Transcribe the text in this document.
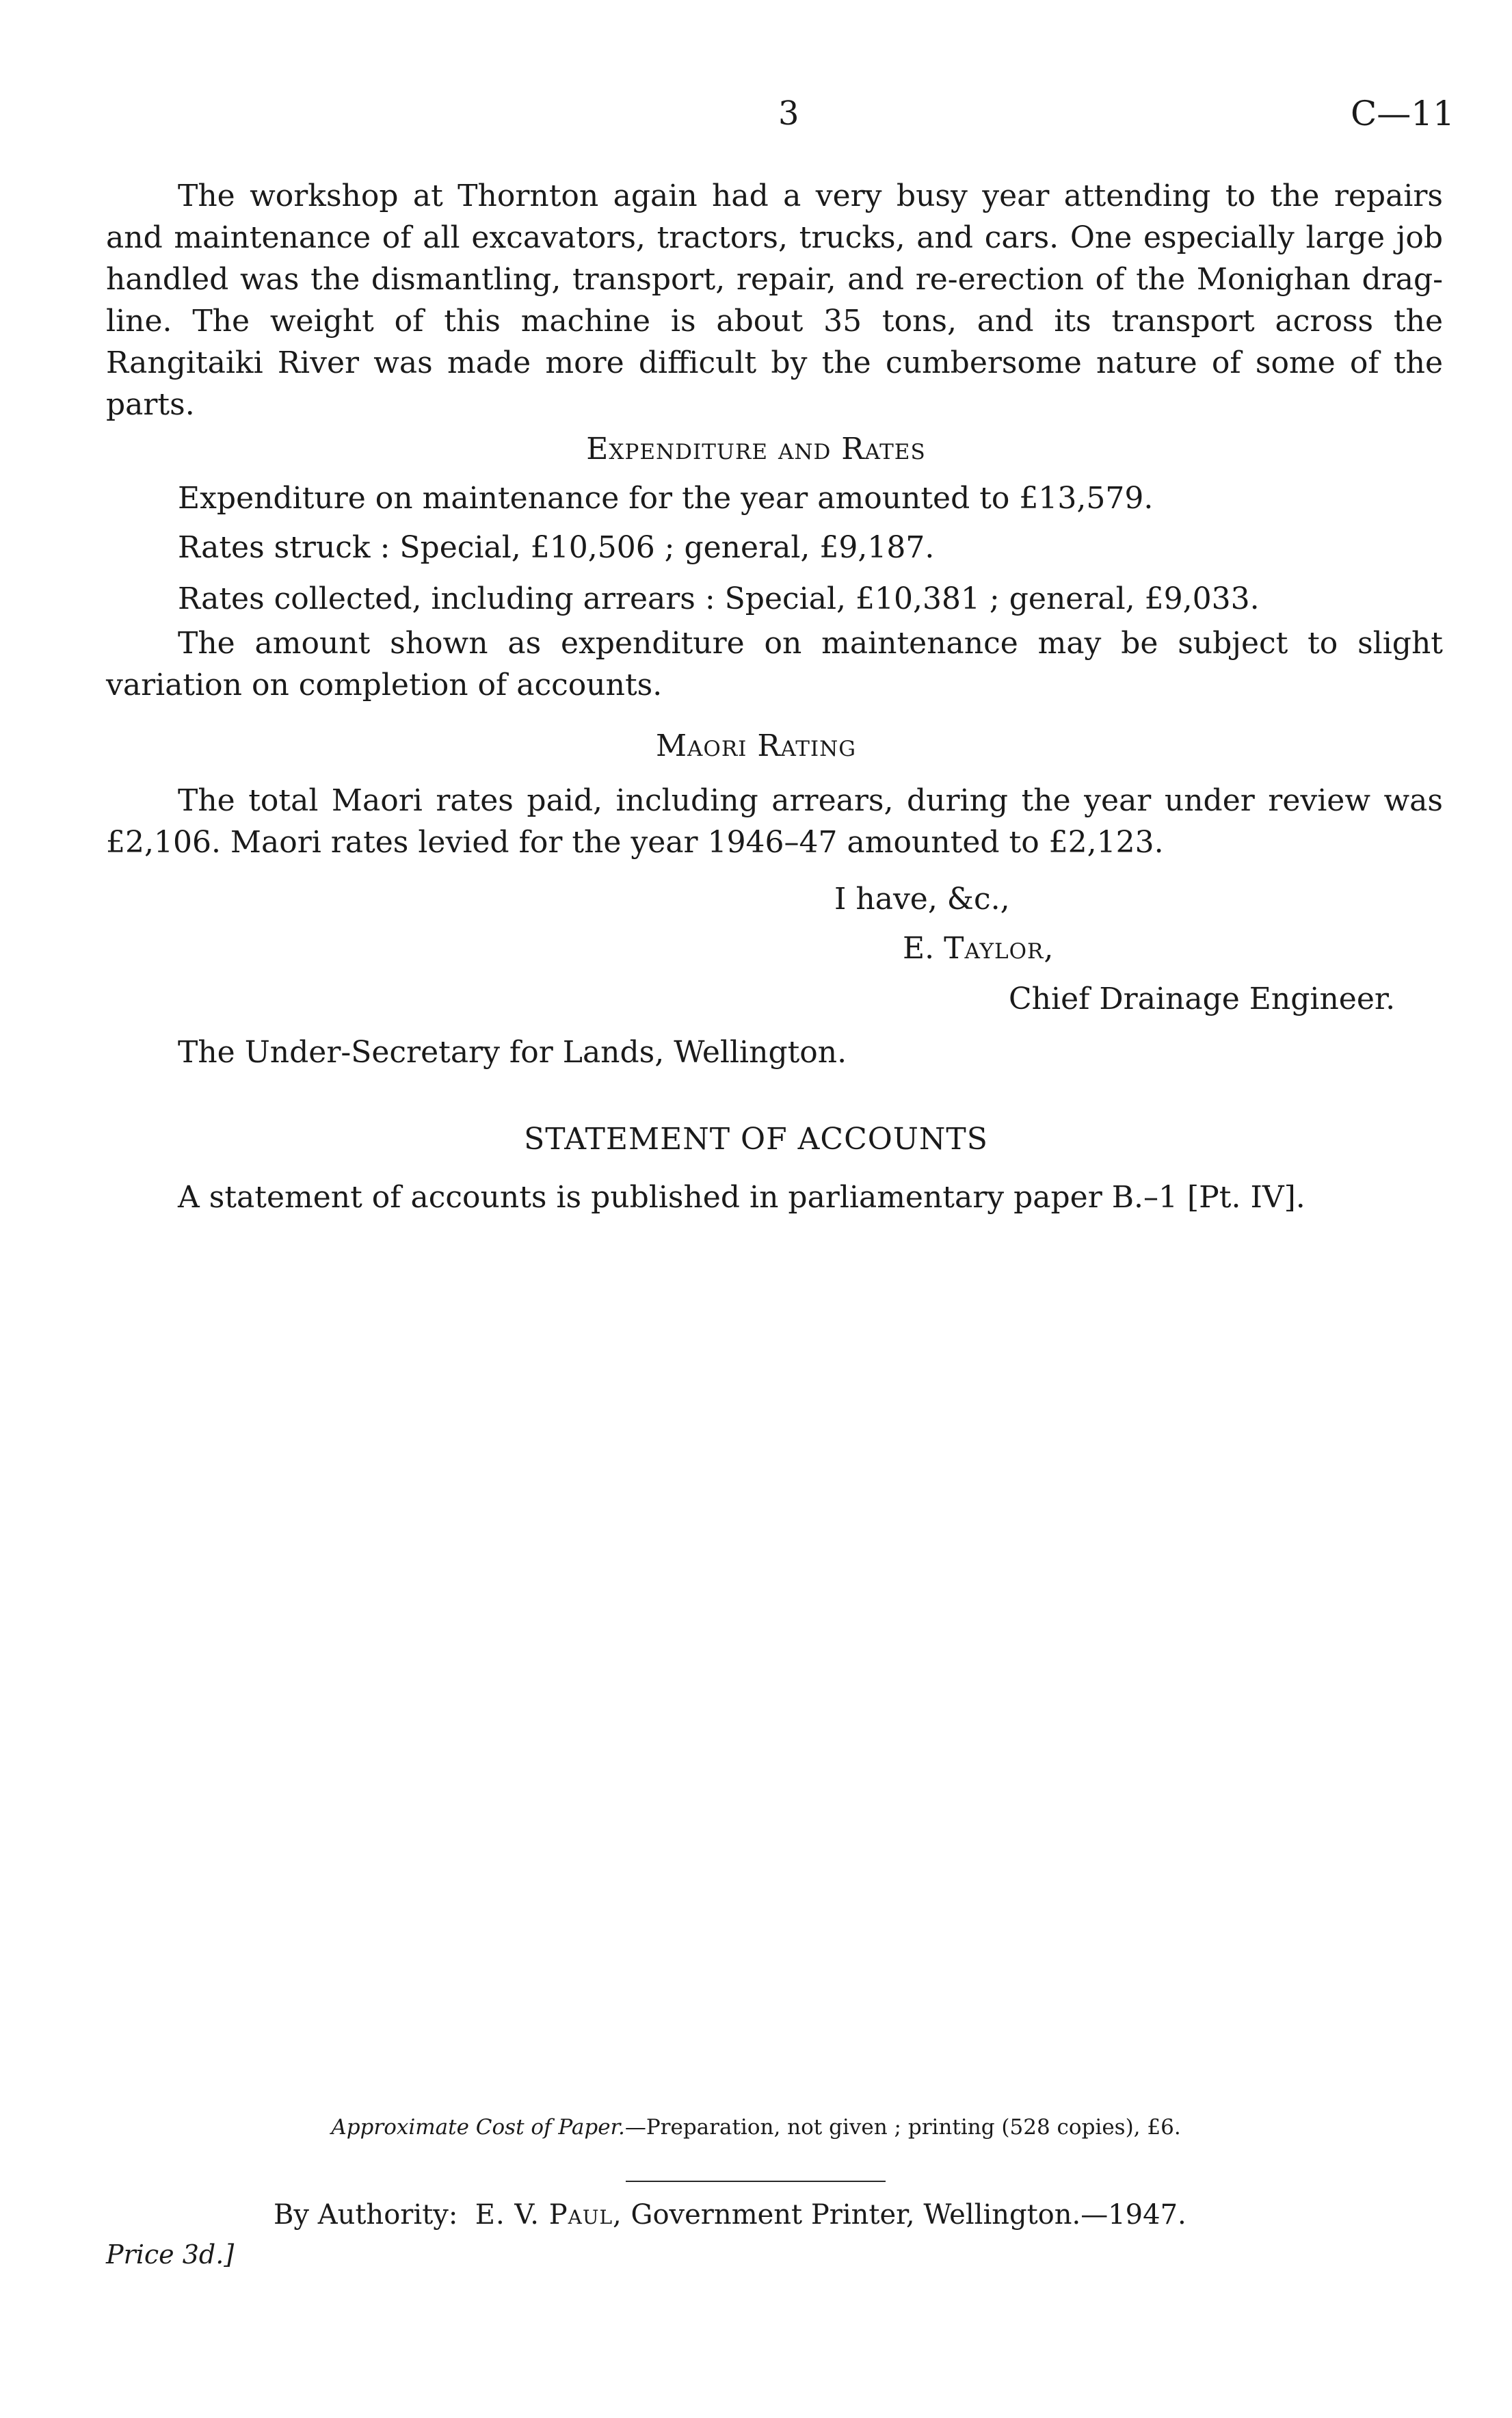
3	C—11
The workshop at Thornton again had a very busy year attending to the repairs and maintenance of all excavators, tractors, trucks, and cars. One especially large job handled was the dismantling, transport, repair, and re-erection of the Monighan drag-line. The weight of this machine is about 35 tons, and its transport across the Rangitaiki River was made more difficult by the cumbersome nature of some of the parts.
Expenditure and Rates
Expenditure on maintenance for the year amounted to £13,579.
Rates struck : Special, £10,506 ; general, £9,187.
Rates collected, including arrears : Special, £10,381 ; general, £9,033.
The amount shown as expenditure on maintenance may be subject to slight variation on completion of accounts.
Maori Rating
The total Maori rates paid, including arrears, during the year under review was £2,106. Maori rates levied for the year 1946–47 amounted to £2,123.
I have, &c.,
E. Taylor,
Chief Drainage Engineer.
The Under-Secretary for Lands, Wellington.
STATEMENT OF ACCOUNTS
A statement of accounts is published in parliamentary paper B.–1 [Pt. IV].
Approximate Cost of Paper.—Preparation, not given ; printing (528 copies), £6.
By Authority: E. V. Paul, Government Printer, Wellington.—1947.
Price 3d.]
